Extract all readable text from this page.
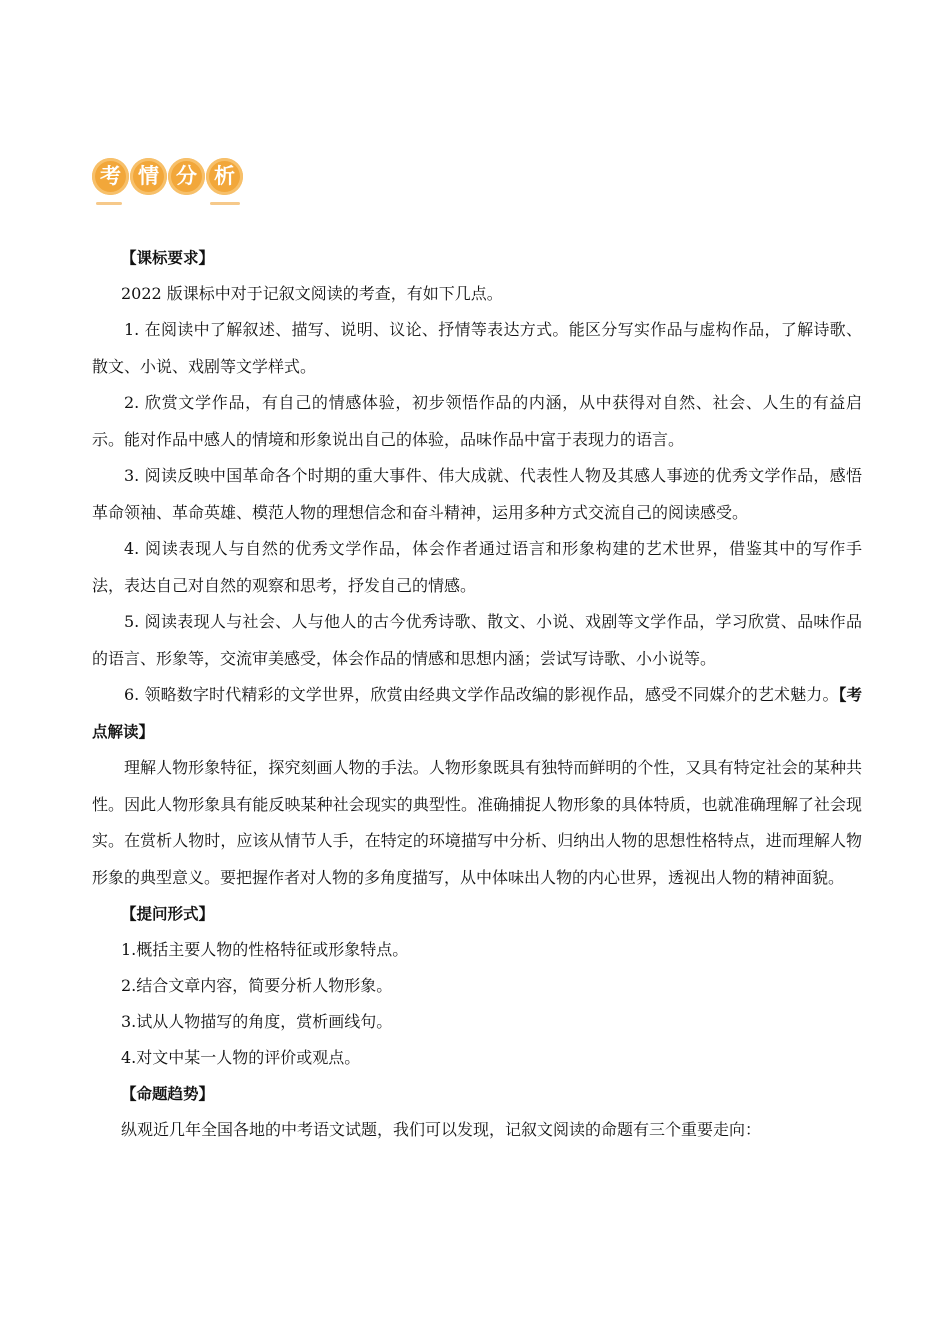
考 情 分 析
【课标要求】

2022 版课标中对于记叙文阅读的考查，有如下几点。

1. 在阅读中了解叙述、描写、说明、议论、抒情等表达方式。能区分写实作品与虚构作品，了解诗歌、散文、小说、戏剧等文学样式。

2. 欣赏文学作品，有自己的情感体验，初步领悟作品的内涵，从中获得对自然、社会、人生的有益启示。能对作品中感人的情境和形象说出自己的体验，品味作品中富于表现力的语言。

3. 阅读反映中国革命各个时期的重大事件、伟大成就、代表性人物及其感人事迹的优秀文学作品，感悟革命领袖、革命英雄、模范人物的理想信念和奋斗精神，运用多种方式交流自己的阅读感受。

4. 阅读表现人与自然的优秀文学作品，体会作者通过语言和形象构建的艺术世界，借鉴其中的写作手法，表达自己对自然的观察和思考，抒发自己的情感。

5. 阅读表现人与社会、人与他人的古今优秀诗歌、散文、小说、戏剧等文学作品，学习欣赏、品味作品的语言、形象等，交流审美感受，体会作品的情感和思想内涵；尝试写诗歌、小小说等。

6. 领略数字时代精彩的文学世界，欣赏由经典文学作品改编的影视作品，感受不同媒介的艺术魅力。【考点解读】

理解人物形象特征，探究刻画人物的手法。人物形象既具有独特而鲜明的个性，又具有特定社会的某种共性。因此人物形象具有能反映某种社会现实的典型性。准确捕捉人物形象的具体特质，也就准确理解了社会现实。在赏析人物时，应该从情节人手，在特定的环境描写中分析、归纳出人物的思想性格特点，进而理解人物形象的典型意义。要把握作者对人物的多角度描写，从中体味出人物的内心世界，透视出人物的精神面貌。

【提问形式】

1.概括主要人物的性格特征或形象特点。

2.结合文章内容，简要分析人物形象。

3.试从人物描写的角度，赏析画线句。

4.对文中某一人物的评价或观点。

【命题趋势】

纵观近几年全国各地的中考语文试题，我们可以发现，记叙文阅读的命题有三个重要走向：
